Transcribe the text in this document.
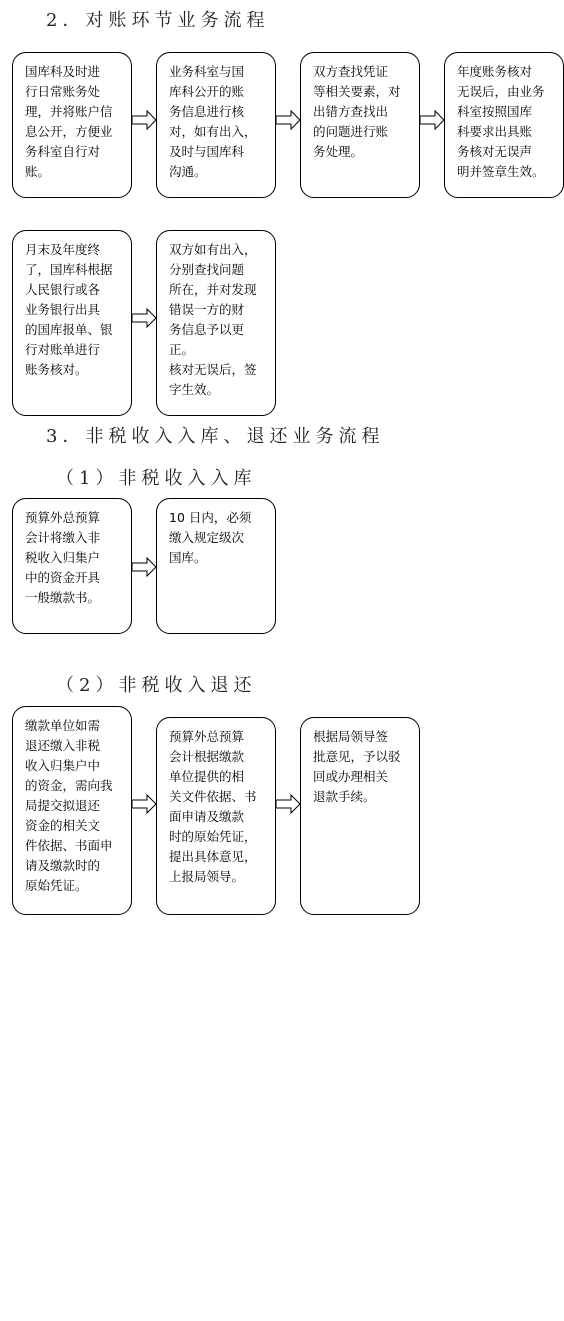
2．对账环节业务流程
国库科及时进
行日常账务处
理，并将账户信
息公开，方便业
务科室自行对
账。
业务科室与国
库科公开的账
务信息进行核
对，如有出入，
及时与国库科
沟通。
双方查找凭证
等相关要素，对
出错方查找出
的问题进行账
务处理。
年度账务核对
无误后，由业务
科室按照国库
科要求出具账
务核对无误声
明并签章生效。
月末及年度终
了，国库科根据
人民银行或各
业务银行出具
的国库报单、银
行对账单进行
账务核对。
双方如有出入，
分别查找问题
所在，并对发现
错误一方的财
务信息予以更
正。
核对无误后，签
字生效。
3．非税收入入库、退还业务流程
（1）非税收入入库
预算外总预算
会计将缴入非
税收入归集户
中的资金开具
一般缴款书。
10 日内，必须
缴入规定级次
国库。
（2）非税收入退还
缴款单位如需
退还缴入非税
收入归集户中
的资金，需向我
局提交拟退还
资金的相关文
件依据、书面申
请及缴款时的
原始凭证。
预算外总预算
会计根据缴款
单位提供的相
关文件依据、书
面申请及缴款
时的原始凭证，
提出具体意见，
上报局领导。
根据局领导签
批意见，予以驳
回或办理相关
退款手续。
